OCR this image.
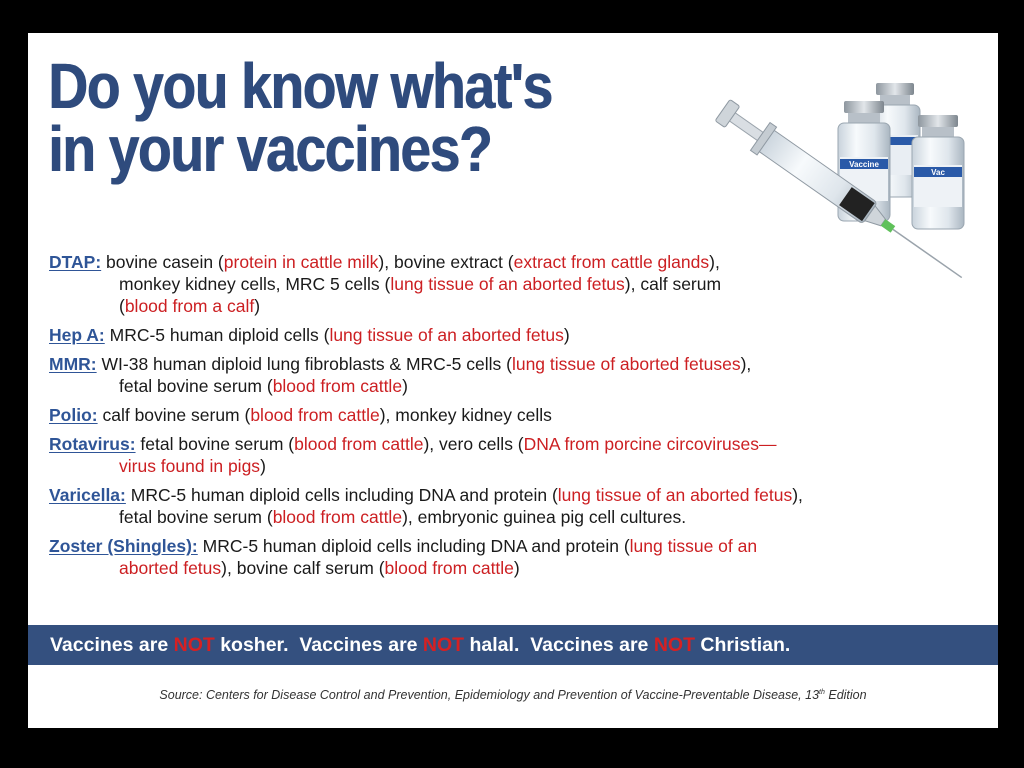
Do you know what's
in your vaccines?	Vaccine
Vac
DTAP: bovine casein (protein in cattle milk), bovine extract (extract from cattle glands),
monkey kidney cells, MRC 5 cells (lung tissue of an aborted fetus), calf serum
(blood from a calf)
Hep A: MRC-5 human diploid cells (lung tissue of an aborted fetus)
MMR: WI-38 human diploid lung fibroblasts & MRC-5 cells (lung tissue of aborted fetuses),
fetal bovine serum (blood from cattle)
Polio: calf bovine serum (blood from cattle), monkey kidney cells
Rotavirus: fetal bovine serum (blood from cattle), vero cells (DNA from porcine circoviruses—
virus found in pigs)
Varicella: MRC-5 human diploid cells including DNA and protein (lung tissue of an aborted fetus),
fetal bovine serum (blood from cattle), embryonic guinea pig cell cultures.
Zoster (Shingles): MRC-5 human diploid cells including DNA and protein (lung tissue of an
aborted fetus), bovine calf serum (blood from cattle)
Vaccines are NOT kosher.  Vaccines are NOT halal.  Vaccines are NOT Christian.
Source: Centers for Disease Control and Prevention, Epidemiology and Prevention of Vaccine-Preventable Disease, 13th Edition
